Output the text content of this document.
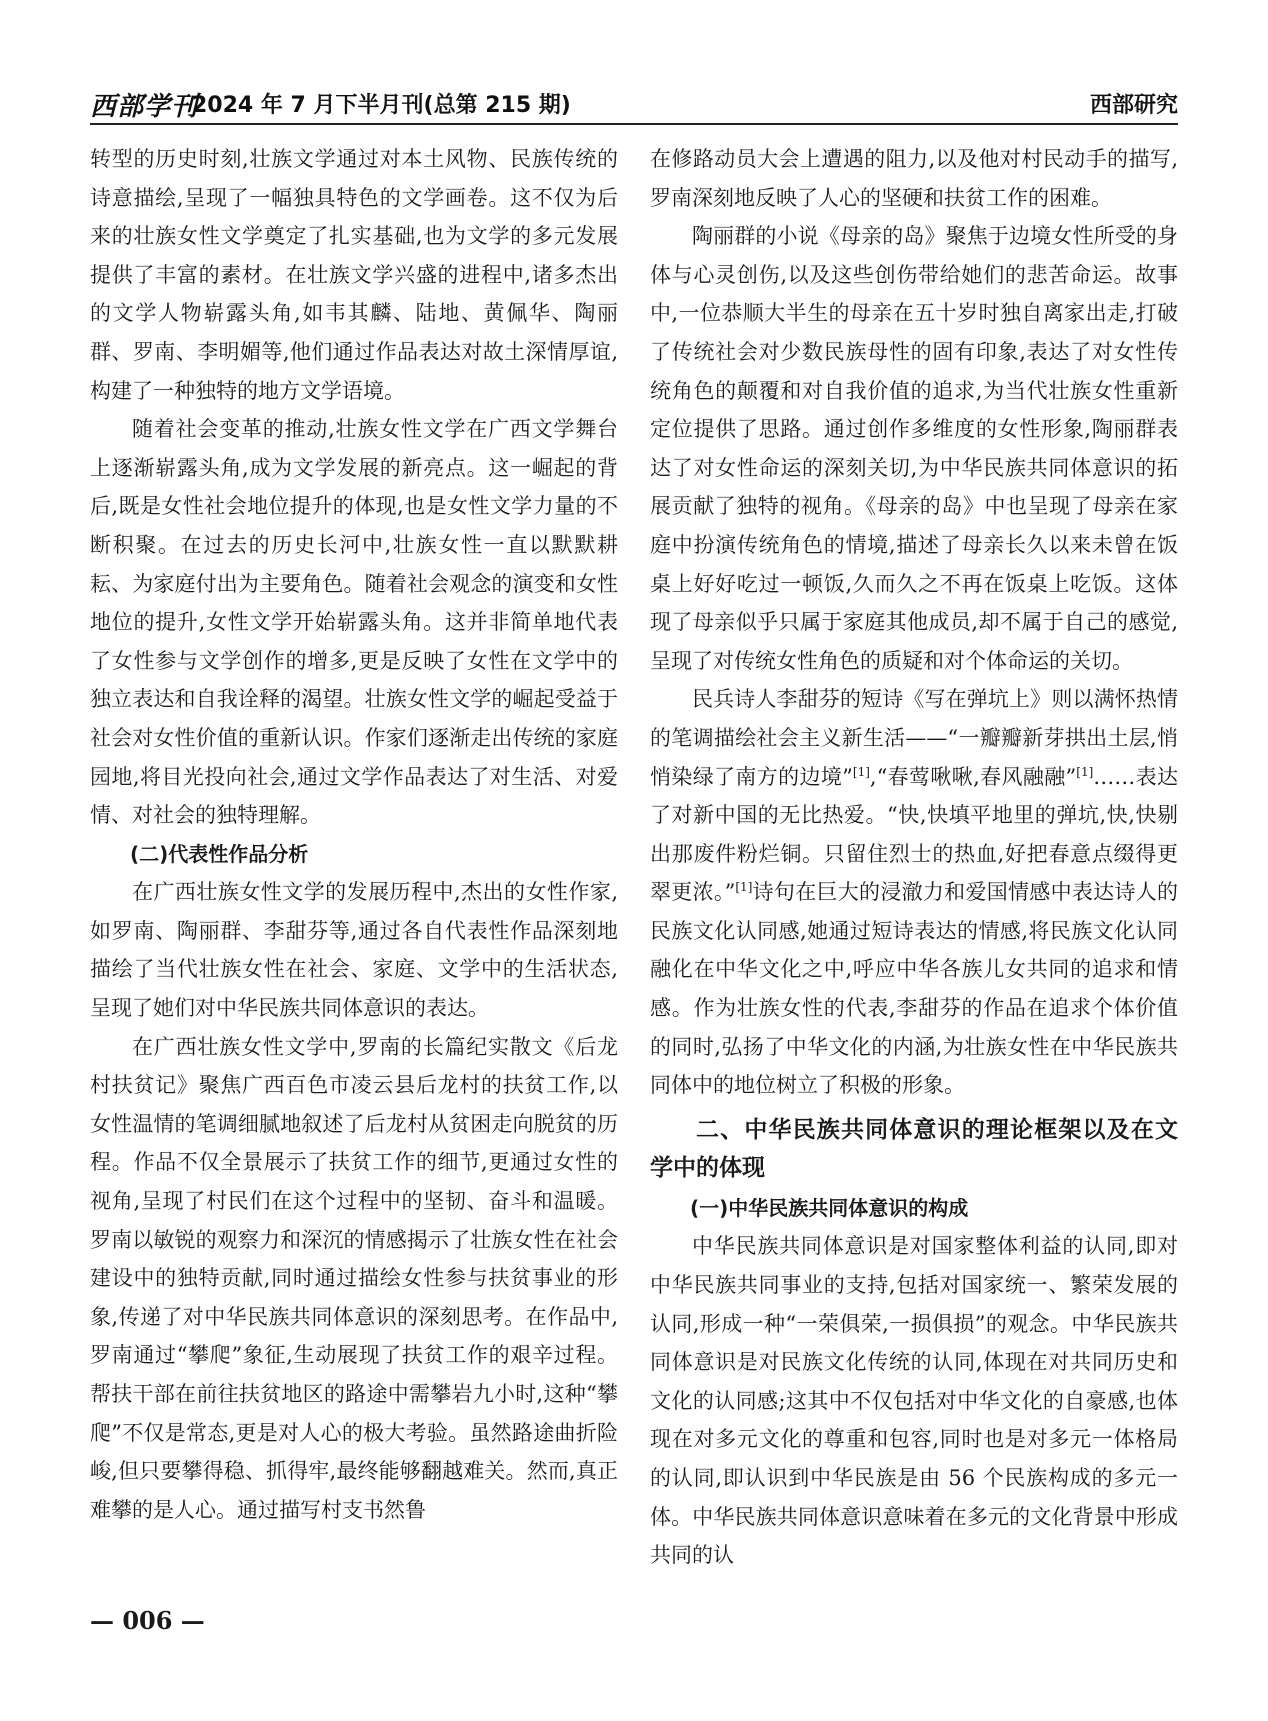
西部学刊
2024 年 7 月下半月刊(总第 215 期)	西部研究

转型的历史时刻,壮族文学通过对本土风物、民族传统的诗意描绘,呈现了一幅独具特色的文学画卷。这不仅为后来的壮族女性文学奠定了扎实基础,也为文学的多元发展提供了丰富的素材。在壮族文学兴盛的进程中,诸多杰出的文学人物崭露头角,如韦其麟、陆地、黄佩华、陶丽群、罗南、李明媚等,他们通过作品表达对故土深情厚谊,构建了一种独特的地方文学语境。

随着社会变革的推动,壮族女性文学在广西文学舞台上逐渐崭露头角,成为文学发展的新亮点。这一崛起的背后,既是女性社会地位提升的体现,也是女性文学力量的不断积聚。在过去的历史长河中,壮族女性一直以默默耕耘、为家庭付出为主要角色。随着社会观念的演变和女性地位的提升,女性文学开始崭露头角。这并非简单地代表了女性参与文学创作的增多,更是反映了女性在文学中的独立表达和自我诠释的渴望。壮族女性文学的崛起受益于社会对女性价值的重新认识。作家们逐渐走出传统的家庭园地,将目光投向社会,通过文学作品表达了对生活、对爱情、对社会的独特理解。

(二)代表性作品分析

在广西壮族女性文学的发展历程中,杰出的女性作家,如罗南、陶丽群、李甜芬等,通过各自代表性作品深刻地描绘了当代壮族女性在社会、家庭、文学中的生活状态,呈现了她们对中华民族共同体意识的表达。

在广西壮族女性文学中,罗南的长篇纪实散文《后龙村扶贫记》聚焦广西百色市凌云县后龙村的扶贫工作,以女性温情的笔调细腻地叙述了后龙村从贫困走向脱贫的历程。作品不仅全景展示了扶贫工作的细节,更通过女性的视角,呈现了村民们在这个过程中的坚韧、奋斗和温暖。罗南以敏锐的观察力和深沉的情感揭示了壮族女性在社会建设中的独特贡献,同时通过描绘女性参与扶贫事业的形象,传递了对中华民族共同体意识的深刻思考。在作品中,罗南通过“攀爬”象征,生动展现了扶贫工作的艰辛过程。帮扶干部在前往扶贫地区的路途中需攀岩九小时,这种“攀爬”不仅是常态,更是对人心的极大考验。虽然路途曲折险峻,但只要攀得稳、抓得牢,最终能够翻越难关。然而,真正难攀的是人心。通过描写村支书然鲁

在修路动员大会上遭遇的阻力,以及他对村民动手的描写,罗南深刻地反映了人心的坚硬和扶贫工作的困难。

陶丽群的小说《母亲的岛》聚焦于边境女性所受的身体与心灵创伤,以及这些创伤带给她们的悲苦命运。故事中,一位恭顺大半生的母亲在五十岁时独自离家出走,打破了传统社会对少数民族母性的固有印象,表达了对女性传统角色的颠覆和对自我价值的追求,为当代壮族女性重新定位提供了思路。通过创作多维度的女性形象,陶丽群表达了对女性命运的深刻关切,为中华民族共同体意识的拓展贡献了独特的视角。《母亲的岛》中也呈现了母亲在家庭中扮演传统角色的情境,描述了母亲长久以来未曾在饭桌上好好吃过一顿饭,久而久之不再在饭桌上吃饭。这体现了母亲似乎只属于家庭其他成员,却不属于自己的感觉,呈现了对传统女性角色的质疑和对个体命运的关切。

民兵诗人李甜芬的短诗《写在弹坑上》则以满怀热情的笔调描绘社会主义新生活——“一瓣瓣新芽拱出土层,悄悄染绿了南方的边境”[1],“春莺啾啾,春风融融”[1]……表达了对新中国的无比热爱。“快,快填平地里的弹坑,快,快剔出那废件粉烂铜。只留住烈士的热血,好把春意点缀得更翠更浓。”[1]诗句在巨大的浸澈力和爱国情感中表达诗人的民族文化认同感,她通过短诗表达的情感,将民族文化认同融化在中华文化之中,呼应中华各族儿女共同的追求和情感。作为壮族女性的代表,李甜芬的作品在追求个体价值的同时,弘扬了中华文化的内涵,为壮族女性在中华民族共同体中的地位树立了积极的形象。

二、中华民族共同体意识的理论框架以及在文学中的体现
(一)中华民族共同体意识的构成

中华民族共同体意识是对国家整体利益的认同,即对中华民族共同事业的支持,包括对国家统一、繁荣发展的认同,形成一种“一荣俱荣,一损俱损”的观念。中华民族共同体意识是对民族文化传统的认同,体现在对共同历史和文化的认同感;这其中不仅包括对中华文化的自豪感,也体现在对多元文化的尊重和包容,同时也是对多元一体格局的认同,即认识到中华民族是由 56 个民族构成的多元一体。中华民族共同体意识意味着在多元的文化背景中形成共同的认

— 006 —
